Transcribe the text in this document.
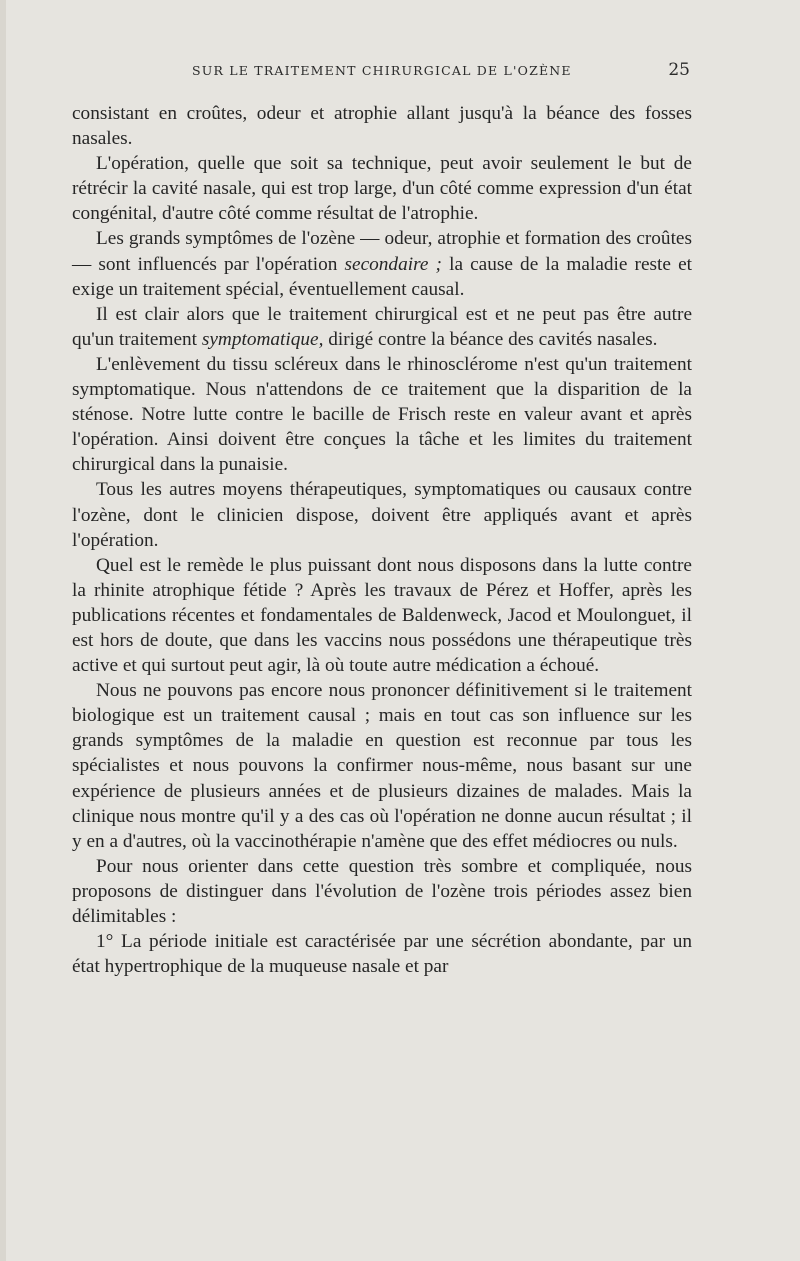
SUR LE TRAITEMENT CHIRURGICAL DE L'OZÈNE	25

consistant en croûtes, odeur et atrophie allant jusqu'à la béance des fosses nasales.

L'opération, quelle que soit sa technique, peut avoir seulement le but de rétrécir la cavité nasale, qui est trop large, d'un côté comme expression d'un état congénital, d'autre côté comme résultat de l'atrophie.

Les grands symptômes de l'ozène — odeur, atrophie et formation des croûtes — sont influencés par l'opération secondaire ; la cause de la maladie reste et exige un traitement spécial, éventuellement causal.

Il est clair alors que le traitement chirurgical est et ne peut pas être autre qu'un traitement symptomatique, dirigé contre la béance des cavités nasales.

L'enlèvement du tissu scléreux dans le rhinosclérome n'est qu'un traitement symptomatique. Nous n'attendons de ce traitement que la disparition de la sténose. Notre lutte contre le bacille de Frisch reste en valeur avant et après l'opération. Ainsi doivent être conçues la tâche et les limites du traitement chirurgical dans la punaisie.

Tous les autres moyens thérapeutiques, symptomatiques ou causaux contre l'ozène, dont le clinicien dispose, doivent être appliqués avant et après l'opération.

Quel est le remède le plus puissant dont nous disposons dans la lutte contre la rhinite atrophique fétide ? Après les travaux de Pérez et Hoffer, après les publications récentes et fondamentales de Baldenweck, Jacod et Moulonguet, il est hors de doute, que dans les vaccins nous possédons une thérapeutique très active et qui surtout peut agir, là où toute autre médication a échoué.

Nous ne pouvons pas encore nous prononcer définitivement si le traitement biologique est un traitement causal ; mais en tout cas son influence sur les grands symptômes de la maladie en question est reconnue par tous les spécialistes et nous pouvons la confirmer nous-même, nous basant sur une expérience de plusieurs années et de plusieurs dizaines de malades. Mais la clinique nous montre qu'il y a des cas où l'opération ne donne aucun résultat ; il y en a d'autres, où la vaccinothérapie n'amène que des effet médiocres ou nuls.

Pour nous orienter dans cette question très sombre et compliquée, nous proposons de distinguer dans l'évolution de l'ozène trois périodes assez bien délimitables :

1° La période initiale est caractérisée par une sécrétion abondante, par un état hypertrophique de la muqueuse nasale et par
